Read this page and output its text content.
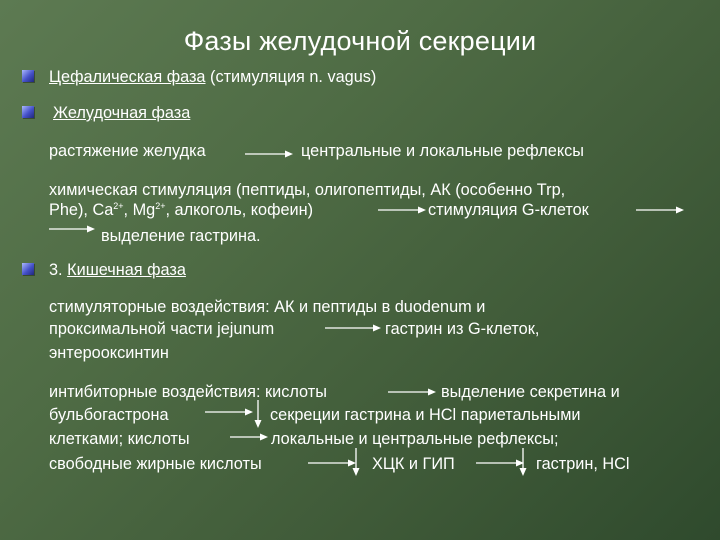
Фазы желудочной секреции
Цефалическая фаза (стимуляция n. vagus)
Желудочная фаза
растяжение желудка	центральные и локальные рефлексы
химическая стимуляция (пептиды, олигопептиды, АК (особенно Trp,
Phe), $Ca^{2+}$, $Mg^{2+}$, алкоголь, кофеин)	стимуляция G-клеток
выделение гастрина.
3. Кишечная фаза
стимуляторные воздействия: АК и пептиды в duodenum и
проксимальной части jejunum	гастрин из G-клеток,
энтерооксинтин
интибиторные воздействия: кислоты	выделение секретина и
бульбогастрона	секреции гастрина и HCl париетальными
клетками; кислоты	локальные и центральные рефлексы;
свободные жирные кислоты	ХЦК и ГИП	гастрин, HCl
